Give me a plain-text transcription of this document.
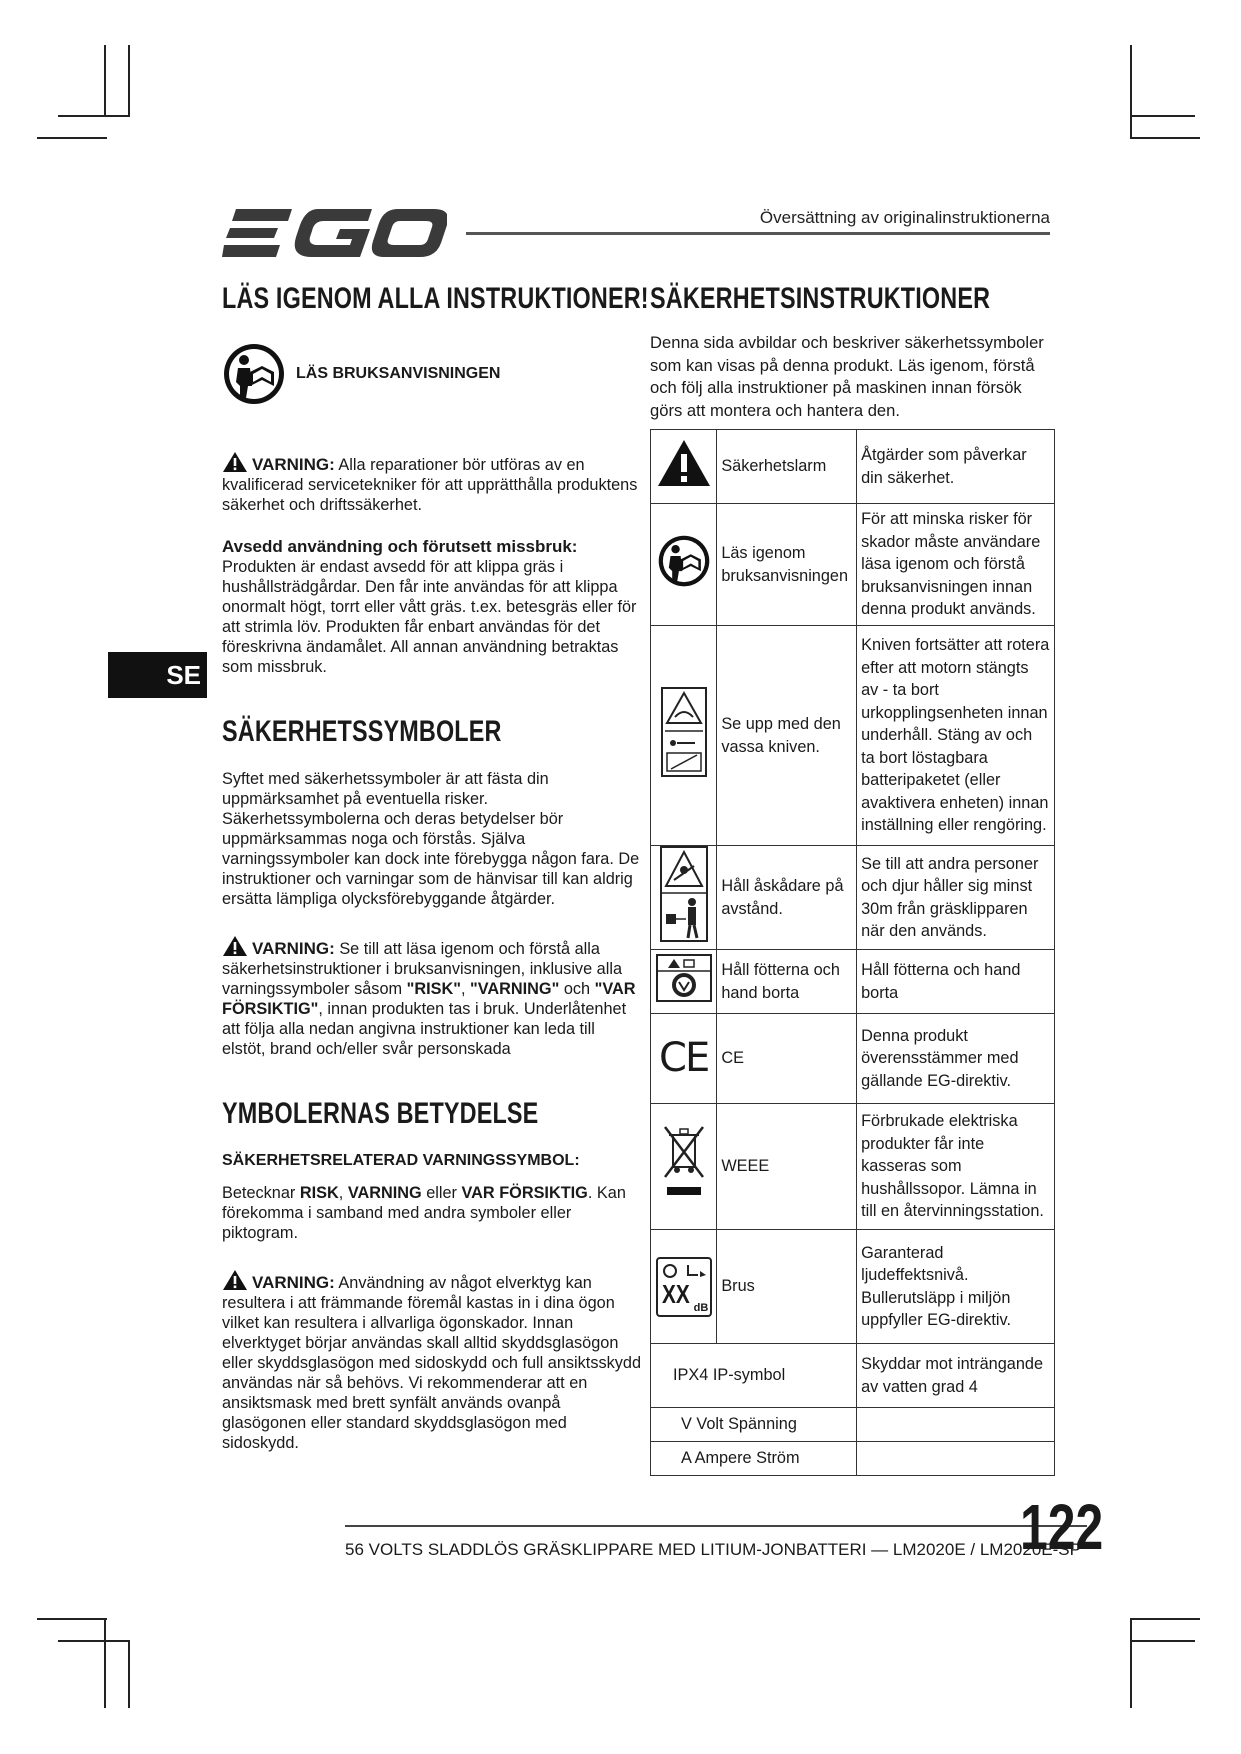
Översättning av originalinstruktionerna
LÄS IGENOM ALLA INSTRUKTIONER!
LÄS BRUKSANVISNINGEN
VARNING: Alla reparationer bör utföras av en kvalificerad servicetekniker för att upprätthålla produktens säkerhet och driftssäkerhet.
Avsedd användning och förutsett missbruk:
Produkten är endast avsedd för att klippa gräs i hushållsträdgårdar. Den får inte användas för att klippa onormalt högt, torrt eller vått gräs. t.ex. betesgräs eller för att strimla löv. Produkten får enbart användas för det föreskrivna ändamålet. All annan användning betraktas som missbruk.
SÄKERHETSSYMBOLER
Syftet med säkerhetssymboler är att fästa din uppmärksamhet på eventuella risker. Säkerhetssymbolerna och deras betydelser bör uppmärksammas noga och förstås. Själva varningssymboler kan dock inte förebygga någon fara. De instruktioner och varningar som de hänvisar till kan aldrig ersätta lämpliga olycksförebyggande åtgärder.
VARNING: Se till att läsa igenom och förstå alla säkerhetsinstruktioner i bruksanvisningen, inklusive alla varningssymboler såsom "RISK", "VARNING" och "VAR FÖRSIKTIG", innan produkten tas i bruk. Underlåtenhet att följa alla nedan angivna instruktioner kan leda till elstöt, brand och/eller svår personskada
YMBOLERNAS BETYDELSE
SÄKERHETSRELATERAD VARNINGSSYMBOL:
Betecknar RISK, VARNING eller VAR FÖRSIKTIG. Kan förekomma i samband med andra symboler eller piktogram.
VARNING: Användning av något elverktyg kan resultera i att främmande föremål kastas in i dina ögon vilket kan resultera i allvarliga ögonskador. Innan elverktyget börjar användas skall alltid skyddsglasögon eller skyddsglasögon med sidoskydd och full ansiktsskydd användas när så behövs. Vi rekommenderar att en ansiktsmask med brett synfält används ovanpå glasögonen eller standard skyddsglasögon med sidoskydd.
SE
SÄKERHETSINSTRUKTIONER
Denna sida avbildar och beskriver säkerhetssymboler som kan visas på denna produkt. Läs igenom, förstå och följ alla instruktioner på maskinen innan försök görs att montera och hantera den.
	Säkerhetslarm	Åtgärder som påverkar din säkerhet.
	Läs igenom bruksanvisningen	För att minska risker för skador måste användare läsa igenom och förstå bruksanvisningen innan denna produkt används.
	Se upp med den vassa kniven.	Kniven fortsätter att rotera efter att motorn stängts av - ta bort urkopplingsenheten innan underhåll. Stäng av och ta bort löstagbara batteripaketet (eller avaktivera enheten) innan inställning eller rengöring.
	Håll åskådare på avstånd.	Se till att andra personer och djur håller sig minst 30m från gräsklipparen när den används.
	Håll fötterna och hand borta	Håll fötterna och hand borta
CE	CE	Denna produkt överensstämmer med gällande EG-direktiv.
	WEEE	Förbrukade elektriska produkter får inte kasseras som hushållssopor. Lämna in till en återvinningsstation.

XX dB	Brus	Garanterad ljudeffektsnivå. Bullerutsläpp i miljön uppfyller EG-direktiv.
IPX4 IP-symbol		Skyddar mot inträngande av vatten grad 4
V Volt Spänning		
A Ampere Ström		
56 VOLTS SLADDLÖS GRÄSKLIPPARE MED LITIUM-JONBATTERI — LM2020E / LM2020E-SP
122
